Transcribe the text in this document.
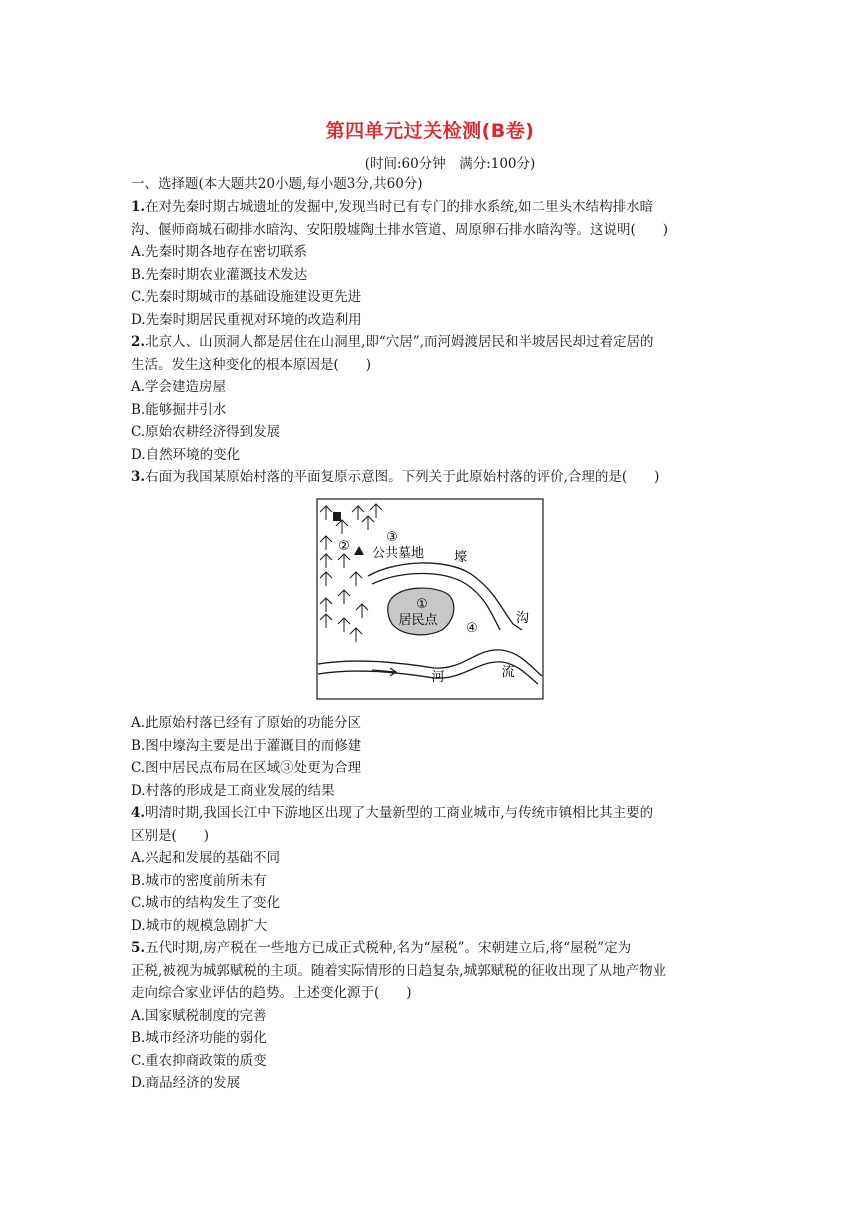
第四单元过关检测(B卷)
(时间:60分钟　满分:100分)
一、选择题(本大题共20小题,每小题3分,共60分)
1.在对先秦时期古城遗址的发掘中,发现当时已有专门的排水系统,如二里头木结构排水暗
沟、偃师商城石砌排水暗沟、安阳殷墟陶土排水管道、周原卵石排水暗沟等。这说明(　　)
A.先秦时期各地存在密切联系
B.先秦时期农业灌溉技术发达
C.先秦时期城市的基础设施建设更先进
D.先秦时期居民重视对环境的改造利用
2.北京人、山顶洞人都是居住在山洞里,即“穴居”,而河姆渡居民和半坡居民却过着定居的
生活。发生这种变化的根本原因是(　　)
A.学会建造房屋
B.能够掘井引水
C.原始农耕经济得到发展
D.自然环境的变化
3.右面为我国某原始村落的平面复原示意图。下列关于此原始村落的评价,合理的是(　　)
②
③
公共墓地 壕
沟
①
居民点
④
河	流
A.此原始村落已经有了原始的功能分区
B.图中壕沟主要是出于灌溉目的而修建
C.图中居民点布局在区域③处更为合理
D.村落的形成是工商业发展的结果
4.明清时期,我国长江中下游地区出现了大量新型的工商业城市,与传统市镇相比其主要的
区别是(　　)
A.兴起和发展的基础不同
B.城市的密度前所未有
C.城市的结构发生了变化
D.城市的规模急剧扩大
5.五代时期,房产税在一些地方已成正式税种,名为“屋税”。宋朝建立后,将“屋税”定为
正税,被视为城郭赋税的主项。随着实际情形的日趋复杂,城郭赋税的征收出现了从地产物业
走向综合家业评估的趋势。上述变化源于(　　)
A.国家赋税制度的完善
B.城市经济功能的弱化
C.重农抑商政策的质变
D.商品经济的发展
